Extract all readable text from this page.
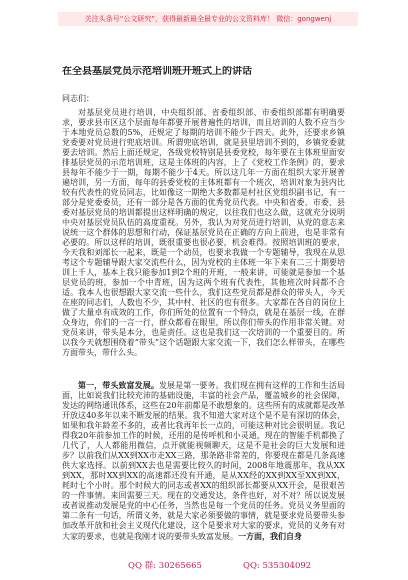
关注头条号“公文研究”，获得最新最全最专业的公文资料库！ 微信：gongwenj
在全县基层党员示范培训班开班式上的讲话
同志们：

对基层党员进行培训，中央组织部、省委组织部、市委组织部都有明确要求，要求县市区这个层面每年都要开展普遍性的培训，而且培训的人数不应当少于本地党员总数的5%，还规定了每期的培训不能少于四天。此外，还要求乡镇党委要对党员进行兜底培训。所谓兜底培训，就是县里培训不到的，乡镇党委就要去培训。然后上面还规定，各级党校特别是县委党校，每年要在主体班里面安排基层党员的示范培训班，这是主体班的内容，上了《党校工作条例》的，要求县每年不能少于一期，每期不能少于4天。所以这几年一方面在组织大家开展普遍培训，另一方面，每年的县委党校的主体班都有一个班次，培训对象为县内比较有代表性的党员同志，比如像这一期绝大多数都是村社区党组织副书记，有一部分是党委委员，还有一部分是各方面的优秀党员代表。中央和省委、市委、县委对基层党员的培训都提出这样明确的规定，以往我们也这么做，这就充分说明中央对基层党员队伍的高度重视。另外，我认为对党员进行培训，从党的意志来说统一这个群体的思想和行动，保证基层党员在正确的方向上前进，也是非常有必要的。所以这样的培训，既很重要也很必要，机会难得。按照培训班的要求，今天我和刘部长一起来，既是一个动员，也要求我做一个专题辅导，我现在从思考这个专题辅导跟大家交流些什么，因为党校的主体班一年下来有二三十期要培训上千人，基本上我只能参加1到2个班的开班，一般来讲，可能就是参加一个基层党员的班，参加一个中青班，因为这两个班有代表性，其他班次时间都不合适。我本人也很想跟大家交流一些什么，我们这些党员都是群众的带头人，今天在座的同志们，人数也不少，其中村、社区的也有很多。大家都在各自的岗位上做了大量卓有成效的工作，你们所处的位置有一个特点，就是在基层一线，在群众身边，你们的一言一行，群众都看在眼里，所以你们带头的作用非常关键。对党员来讲，带头是本分，也是责任。这也是我们这一次培训的一个重要目的。所以我今天就想围绕着“带头”这个话题跟大家交流一下，我们怎么样带头，在哪些方面带头，带什么头。

第一，带头致富发展。发展是第一要务。我们现在拥有这样的工作和生活局面，比如说我们比较充沛的基础设施，丰富的社会产品，覆盖城乡的社会保障，发达的网络通讯体系，这些在20年前都是不敢想象的。这些所有的成就都是改革开放这40多年以来不断发展的结果。我不知道大家对这个是不是有深切的体会，如果和我年龄差不多的，或者比我再年长一点的，可能这种对比会很明显。我记得我20年前参加工作的时候，还用的是传呼机和小灵通，现在的智能手机都换了几代了，人人都能用微信，点开就能视频聊天，这是不是社会的巨大发展和进步？以前我们从XX到XX市走XX三路，那条路非常差的，你要现在都是几条高速供大家选择。以前到XX去也是需要比较久的时间，2008年地震那年，我从XX到XX，那时XX到XX的高速都还没有开通，是从XX经的XX到XX至XX到XX，耗时七个小时。那个时候大的同志或者XX的组织部长都要从XX开会，是很艰苦的一件事情。来回需要三天。现在的交通发达，条件也好，对不对？所以说发展或者说推动发展是党的中心任务，当然也是每一个党员的任务。党员义务里面的第二条有一句话，所谓义务，就是大家必须要做的事情，就是要求党员要带头参加改革开放和社会主义现代化建设，这个是要求对大家的要求，党员的义务有对大家的要求，也就是我刚才说的要带头致富发展。一方面，我们自身

QQ 群: 30265665	QQ: 535304092
